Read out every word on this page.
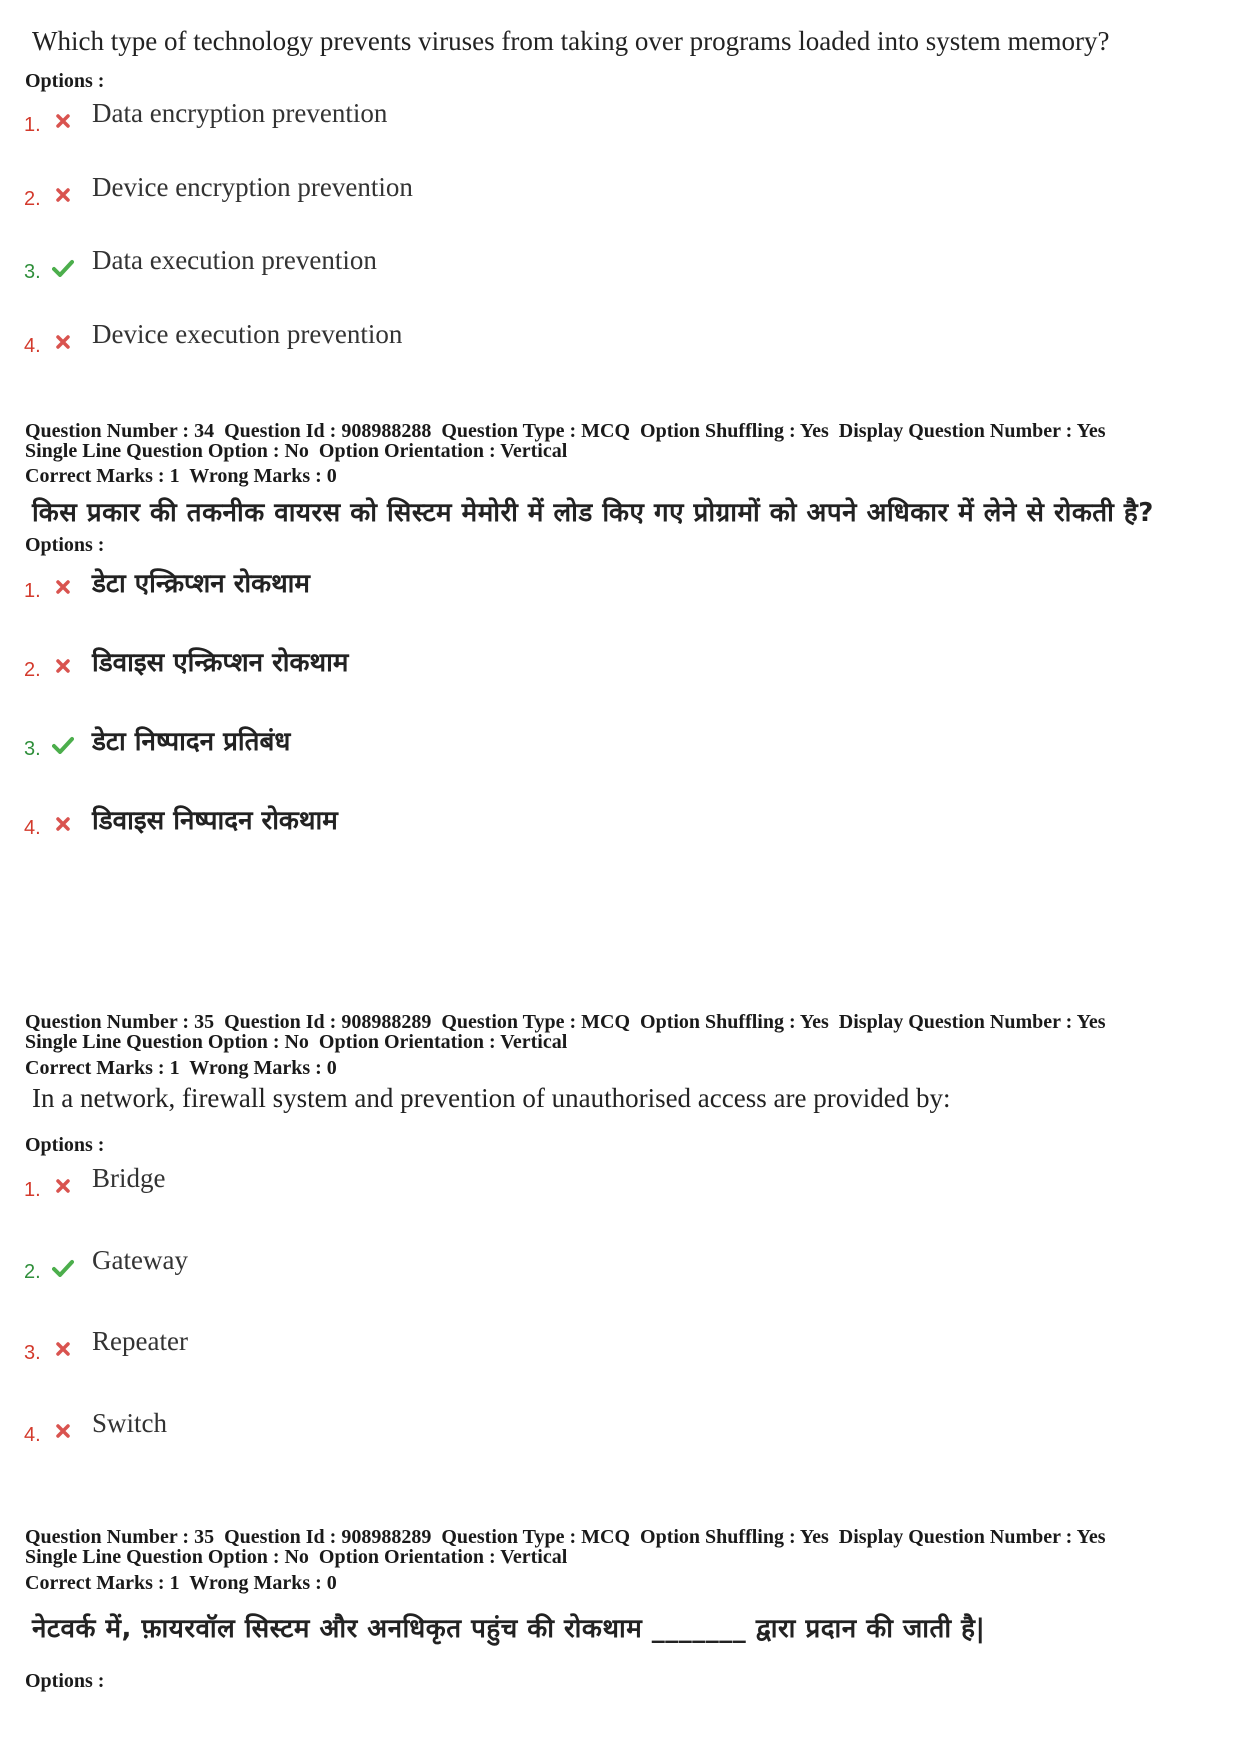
Which type of technology prevents viruses from taking over programs loaded into system memory?
Options :
1. Data encryption prevention
2. Device encryption prevention
3. Data execution prevention
4. Device execution prevention
Question Number : 34  Question Id : 908988288  Question Type : MCQ  Option Shuffling : Yes  Display Question Number : Yes
Single Line Question Option : No  Option Orientation : Vertical
Correct Marks : 1  Wrong Marks : 0
किस प्रकार की तकनीक वायरस को सिस्टम मेमोरी में लोड किए गए प्रोग्रामों को अपने अधिकार में लेने से रोकती है?
Options :
1. डेटा एन्क्रिप्शन रोकथाम
2. डिवाइस एन्क्रिप्शन रोकथाम
3. डेटा निष्पादन प्रतिबंध
4. डिवाइस निष्पादन रोकथाम
Question Number : 35  Question Id : 908988289  Question Type : MCQ  Option Shuffling : Yes  Display Question Number : Yes
Single Line Question Option : No  Option Orientation : Vertical
Correct Marks : 1  Wrong Marks : 0
In a network, firewall system and prevention of unauthorised access are provided by:
Options :
1. Bridge
2. Gateway
3. Repeater
4. Switch
Question Number : 35  Question Id : 908988289  Question Type : MCQ  Option Shuffling : Yes  Display Question Number : Yes
Single Line Question Option : No  Option Orientation : Vertical
Correct Marks : 1  Wrong Marks : 0
नेटवर्क में, फ़ायरवॉल सिस्टम और अनधिकृत पहुंच की रोकथाम _______ द्वारा प्रदान की जाती है|
Options :
